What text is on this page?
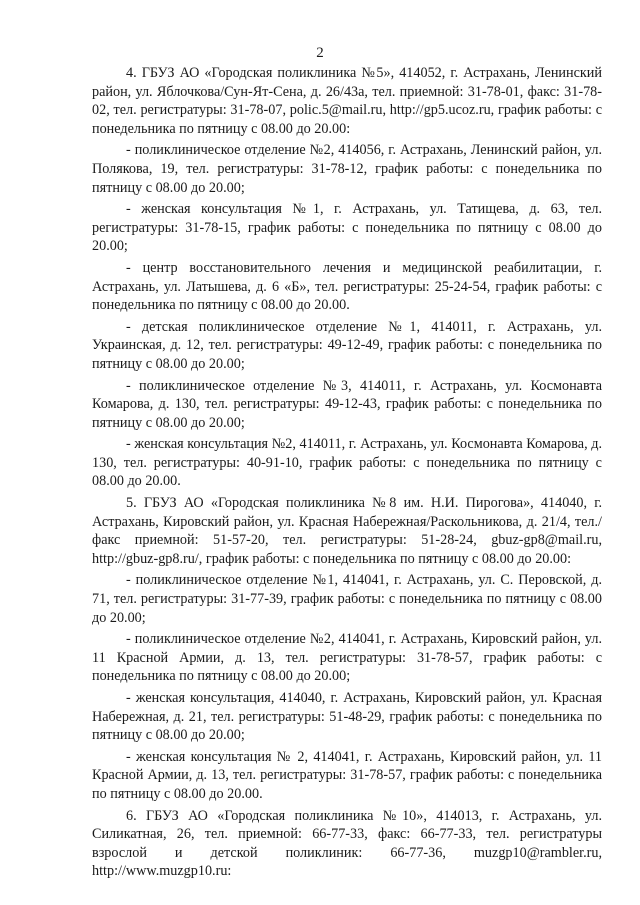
2

4. ГБУЗ АО «Городская поликлиника №5», 414052, г. Астрахань, Ленинский район, ул. Яблочкова/Сун-Ят-Сена, д. 26/43а, тел. приемной: 31-78-01, факс: 31-78-02, тел. регистратуры: 31-78-07, polic.5@mail.ru, http://gp5.ucoz.ru, график работы: с понедельника по пятницу с 08.00 до 20.00:

- поликлиническое отделение №2, 414056, г. Астрахань, Ленинский район, ул. Полякова, 19, тел. регистратуры: 31-78-12, график работы: с понедельника по пятницу с 08.00 до 20.00;

- женская консультация №1, г. Астрахань, ул. Татищева, д. 63, тел. регистратуры: 31-78-15, график работы: с понедельника по пятницу с 08.00 до 20.00;

- центр восстановительного лечения и медицинской реабилитации, г. Астрахань, ул. Латышева, д. 6 «Б», тел. регистратуры: 25-24-54, график работы: с понедельника по пятницу с 08.00 до 20.00.

- детская поликлиническое отделение №1, 414011, г. Астрахань, ул. Украинская, д. 12, тел. регистратуры: 49-12-49, график работы: с понедельника по пятницу с 08.00 до 20.00;

- поликлиническое отделение №3, 414011, г. Астрахань, ул. Космонавта Комарова, д. 130, тел. регистратуры: 49-12-43, график работы: с понедельника по пятницу с 08.00 до 20.00;

- женская консультация №2, 414011, г. Астрахань, ул. Космонавта Комарова, д. 130, тел. регистратуры: 40-91-10, график работы: с понедельника по пятницу с 08.00 до 20.00.

5. ГБУЗ АО «Городская поликлиника №8 им. Н.И. Пирогова», 414040, г. Астрахань, Кировский район, ул. Красная Набережная/Раскольникова, д. 21/4, тел./факс приемной: 51-57-20, тел. регистратуры: 51-28-24, gbuz-gp8@mail.ru, http://gbuz-gp8.ru/, график работы: с понедельника по пятницу с 08.00 до 20.00:

- поликлиническое отделение №1, 414041, г. Астрахань, ул. С. Перовской, д. 71, тел. регистратуры: 31-77-39, график работы: с понедельника по пятницу с 08.00 до 20.00;

- поликлиническое отделение №2, 414041, г. Астрахань, Кировский район, ул. 11 Красной Армии, д. 13, тел. регистратуры: 31-78-57, график работы: с понедельника по пятницу с 08.00 до 20.00;

- женская консультация, 414040, г. Астрахань, Кировский район, ул. Красная Набережная, д. 21, тел. регистратуры: 51-48-29, график работы: с понедельника по пятницу с 08.00 до 20.00;

- женская консультация № 2, 414041, г. Астрахань, Кировский район, ул. 11 Красной Армии, д. 13, тел. регистратуры: 31-78-57, график работы: с понедельника по пятницу с 08.00 до 20.00.

6. ГБУЗ АО «Городская поликлиника №10», 414013, г. Астрахань, ул. Силикатная, 26, тел. приемной: 66-77-33, факс: 66-77-33, тел. регистратуры взрослой и детской поликлиник: 66-77-36, muzgp10@rambler.ru, http://www.muzgp10.ru:
